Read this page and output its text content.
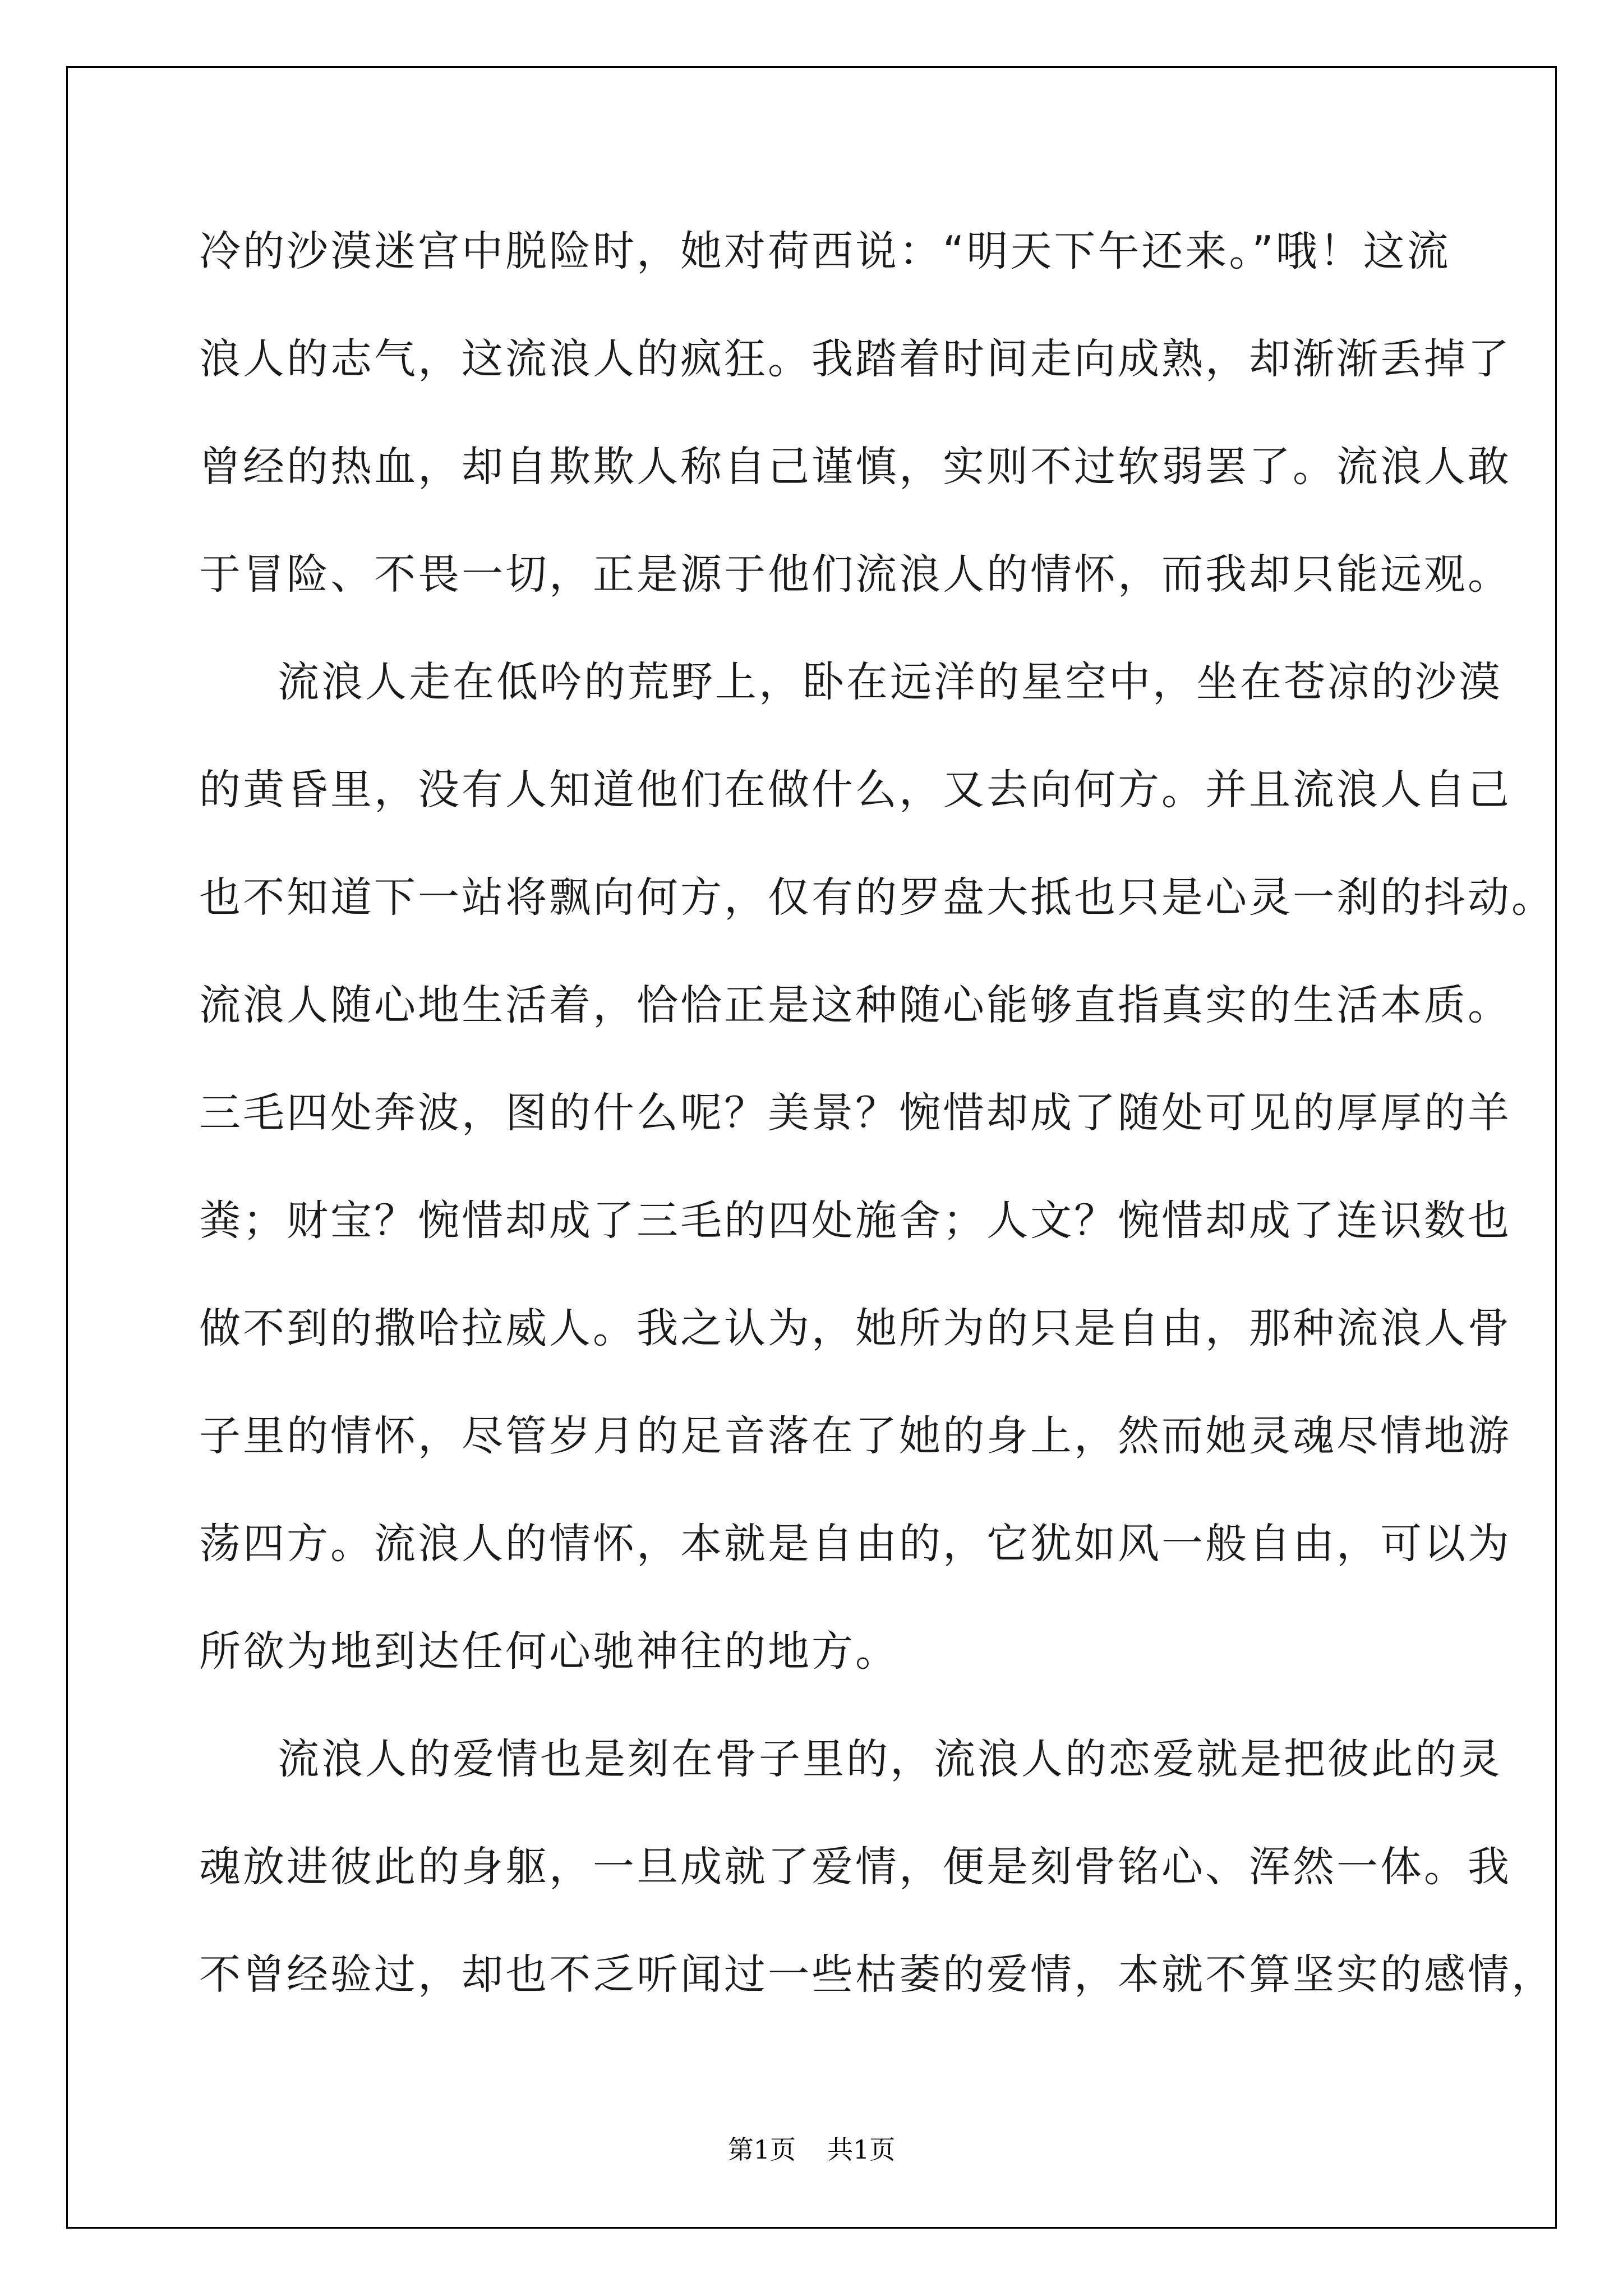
冷的沙漠迷宫中脱险时，她对荷西说：“明天下午还来。”哦！这流

浪人的志气，这流浪人的疯狂。我踏着时间走向成熟，却渐渐丢掉了

曾经的热血，却自欺欺人称自己谨慎，实则不过软弱罢了。流浪人敢

于冒险、不畏一切，正是源于他们流浪人的情怀，而我却只能远观。

流浪人走在低吟的荒野上，卧在远洋的星空中，坐在苍凉的沙漠

的黄昏里，没有人知道他们在做什么，又去向何方。并且流浪人自己

也不知道下一站将飘向何方，仅有的罗盘大抵也只是心灵一刹的抖动。

流浪人随心地生活着，恰恰正是这种随心能够直指真实的生活本质。

三毛四处奔波，图的什么呢？美景？惋惜却成了随处可见的厚厚的羊

粪；财宝？惋惜却成了三毛的四处施舍；人文？惋惜却成了连识数也

做不到的撒哈拉威人。我之认为，她所为的只是自由，那种流浪人骨

子里的情怀，尽管岁月的足音落在了她的身上，然而她灵魂尽情地游

荡四方。流浪人的情怀，本就是自由的，它犹如风一般自由，可以为

所欲为地到达任何心驰神往的地方。

流浪人的爱情也是刻在骨子里的，流浪人的恋爱就是把彼此的灵

魂放进彼此的身躯，一旦成就了爱情，便是刻骨铭心、浑然一体。我

不曾经验过，却也不乏听闻过一些枯萎的爱情，本就不算坚实的感情，

第1页 共1页
